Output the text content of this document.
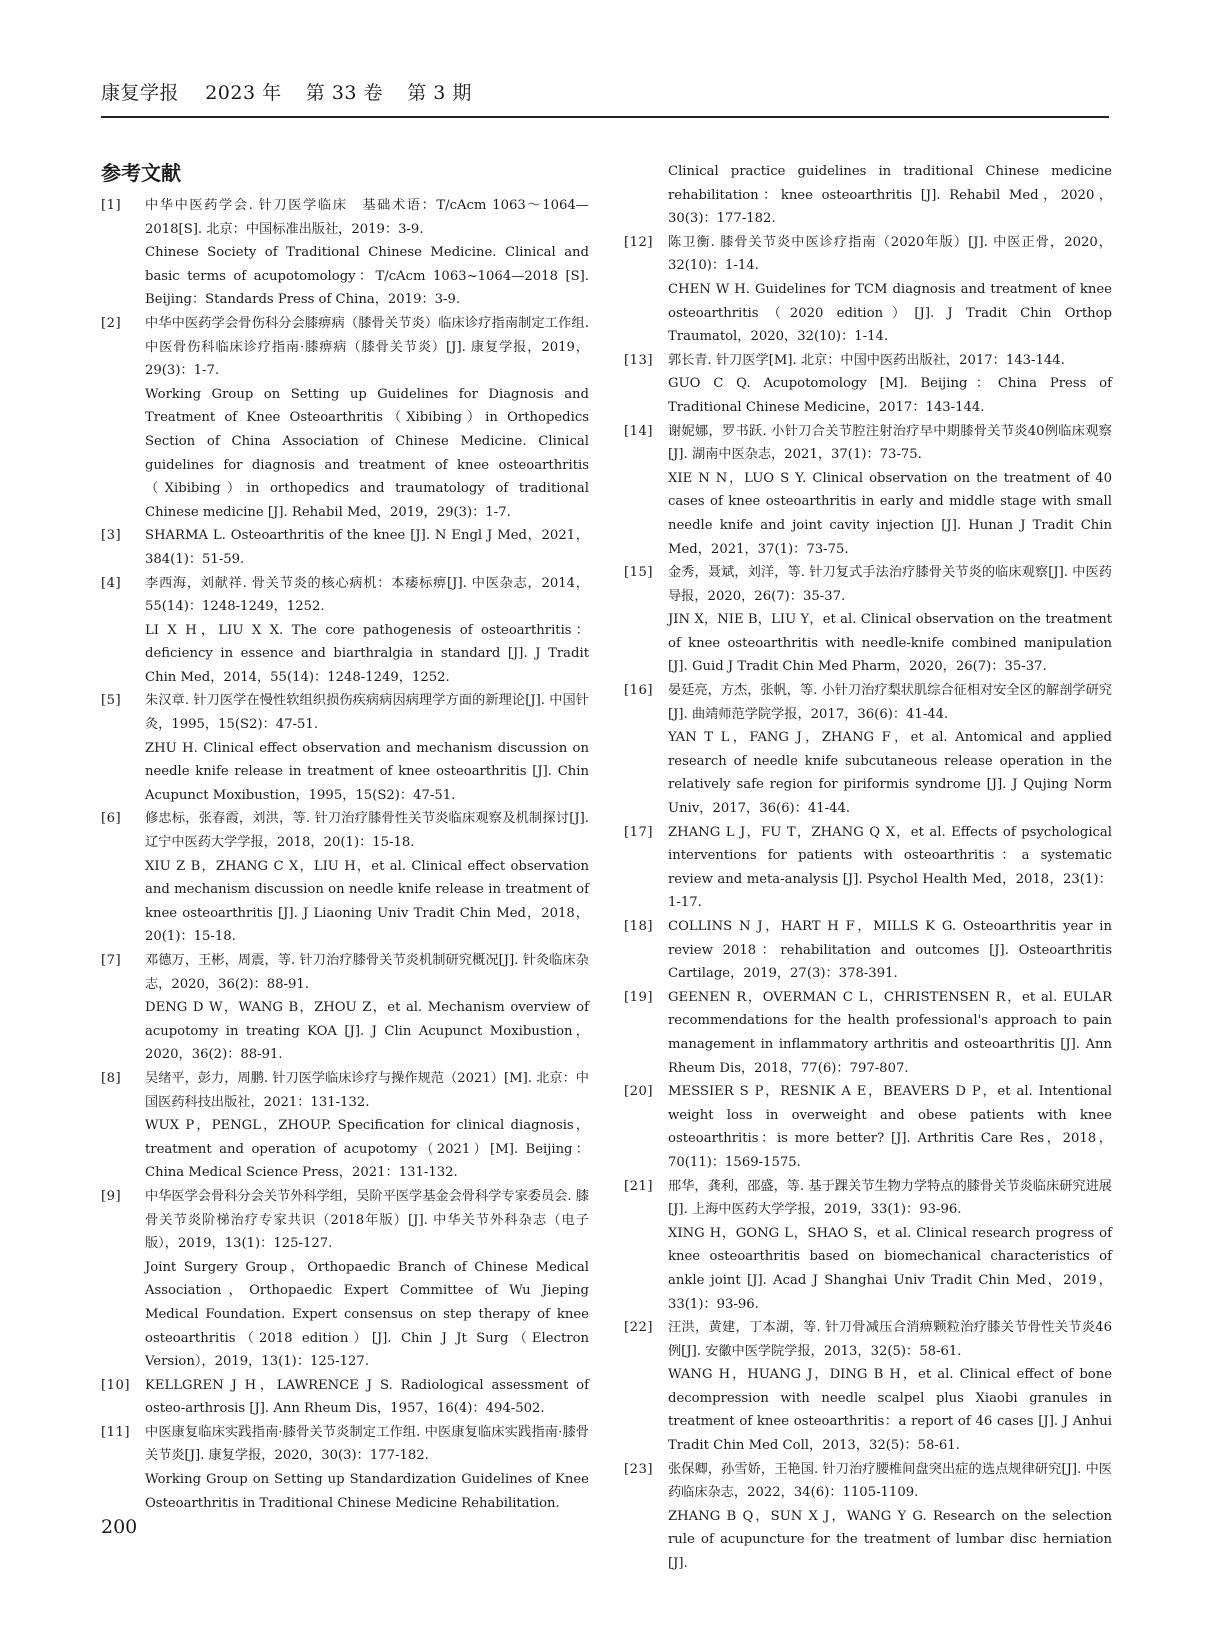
康复学报 2023 年 第 33 卷 第 3 期
参考文献
[1]	中华中医药学会. 针刀医学临床　基础术语：T/cAcm 1063～1064—2018[S]. 北京：中国标准出版社，2019：3-9.
Chinese Society of Traditional Chinese Medicine. Clinical and basic terms of acupotomology：T/cAcm 1063~1064—2018 [S]. Beijing：Standards Press of China，2019：3-9.
[2]	中华中医药学会骨伤科分会膝痹病（膝骨关节炎）临床诊疗指南制定工作组. 中医骨伤科临床诊疗指南·膝痹病（膝骨关节炎）[J]. 康复学报，2019，29(3)：1-7.
Working Group on Setting up Guidelines for Diagnosis and Treatment of Knee Osteoarthritis（Xibibing）in Orthopedics Section of China Association of Chinese Medicine. Clinical guidelines for diagnosis and treatment of knee osteoarthritis（Xibibing）in orthopedics and traumatology of traditional Chinese medicine [J]. Rehabil Med，2019，29(3)：1-7.
[3]	SHARMA L. Osteoarthritis of the knee [J]. N Engl J Med，2021，384(1)：51-59.
[4]	李西海，刘献祥. 骨关节炎的核心病机：本痿标痹[J]. 中医杂志，2014，55(14)：1248-1249，1252.
LI X H，LIU X X. The core pathogenesis of osteoarthritis：deficiency in essence and biarthralgia in standard [J]. J Tradit Chin Med，2014，55(14)：1248-1249，1252.
[5]	朱汉章. 针刀医学在慢性软组织损伤疾病病因病理学方面的新理论[J]. 中国针灸，1995，15(S2)：47-51.
ZHU H. Clinical effect observation and mechanism discussion on needle knife release in treatment of knee osteoarthritis [J]. Chin Acupunct Moxibustion，1995，15(S2)：47-51.
[6]	修忠标，张春霞，刘洪，等. 针刀治疗膝骨性关节炎临床观察及机制探讨[J]. 辽宁中医药大学学报，2018，20(1)：15-18.
XIU Z B，ZHANG C X，LIU H，et al. Clinical effect observation and mechanism discussion on needle knife release in treatment of knee osteoarthritis [J]. J Liaoning Univ Tradit Chin Med，2018，20(1)：15-18.
[7]	邓德万，王彬，周震，等. 针刀治疗膝骨关节炎机制研究概况[J]. 针灸临床杂志，2020，36(2)：88-91.
DENG D W，WANG B，ZHOU Z，et al. Mechanism overview of acupotomy in treating KOA [J]. J Clin Acupunct Moxibustion，2020，36(2)：88-91.
[8]	吴绪平，彭力，周鹏. 针刀医学临床诊疗与操作规范（2021）[M]. 北京：中国医药科技出版社，2021：131-132.
WUX P，PENGL，ZHOUP. Specification for clinical diagnosis，treatment and operation of acupotomy（2021）[M]. Beijing：China Medical Science Press，2021：131-132.
[9]	中华医学会骨科分会关节外科学组，吴阶平医学基金会骨科学专家委员会. 膝骨关节炎阶梯治疗专家共识（2018年版）[J]. 中华关节外科杂志（电子版），2019，13(1)：125-127.
Joint Surgery Group，Orthopaedic Branch of Chinese Medical Association，Orthopaedic Expert Committee of Wu Jieping Medical Foundation. Expert consensus on step therapy of knee osteoarthritis（2018 edition）[J]. Chin J Jt Surg（Electron Version），2019，13(1)：125-127.
[10]	KELLGREN J H，LAWRENCE J S. Radiological assessment of osteo-arthrosis [J]. Ann Rheum Dis，1957，16(4)：494-502.
[11]	中医康复临床实践指南·膝骨关节炎制定工作组. 中医康复临床实践指南·膝骨关节炎[J]. 康复学报，2020，30(3)：177-182.
Working Group on Setting up Standardization Guidelines of Knee Osteoarthritis in Traditional Chinese Medicine Rehabilitation.
Clinical practice guidelines in traditional Chinese medicine rehabilitation：knee osteoarthritis [J]. Rehabil Med，2020，30(3)：177-182.
[12]	陈卫衡. 膝骨关节炎中医诊疗指南（2020年版）[J]. 中医正骨，2020，32(10)：1-14.
CHEN W H. Guidelines for TCM diagnosis and treatment of knee osteoarthritis（2020 edition）[J]. J Tradit Chin Orthop Traumatol，2020，32(10)：1-14.
[13]	郭长青. 针刀医学[M]. 北京：中国中医药出版社，2017：143-144.
GUO C Q. Acupotomology [M]. Beijing：China Press of Traditional Chinese Medicine，2017：143-144.
[14]	谢妮娜，罗书跃. 小针刀合关节腔注射治疗早中期膝骨关节炎40例临床观察[J]. 湖南中医杂志，2021，37(1)：73-75.
XIE N N，LUO S Y. Clinical observation on the treatment of 40 cases of knee osteoarthritis in early and middle stage with small needle knife and joint cavity injection [J]. Hunan J Tradit Chin Med，2021，37(1)：73-75.
[15]	金秀，聂斌，刘洋，等. 针刀复式手法治疗膝骨关节炎的临床观察[J]. 中医药导报，2020，26(7)：35-37.
JIN X，NIE B，LIU Y，et al. Clinical observation on the treatment of knee osteoarthritis with needle-knife combined manipulation [J]. Guid J Tradit Chin Med Pharm，2020，26(7)：35-37.
[16]	晏廷亮，方杰，张帆，等. 小针刀治疗梨状肌综合征相对安全区的解剖学研究[J]. 曲靖师范学院学报，2017，36(6)：41-44.
YAN T L，FANG J，ZHANG F，et al. Antomical and applied research of needle knife subcutaneous release operation in the relatively safe region for piriformis syndrome [J]. J Qujing Norm Univ，2017，36(6)：41-44.
[17]	ZHANG L J，FU T，ZHANG Q X，et al. Effects of psychological interventions for patients with osteoarthritis：a systematic review and meta-analysis [J]. Psychol Health Med，2018，23(1)：1-17.
[18]	COLLINS N J，HART H F，MILLS K G. Osteoarthritis year in review 2018：rehabilitation and outcomes [J]. Osteoarthritis Cartilage，2019，27(3)：378-391.
[19]	GEENEN R，OVERMAN C L，CHRISTENSEN R，et al. EULAR recommendations for the health professional's approach to pain management in inflammatory arthritis and osteoarthritis [J]. Ann Rheum Dis，2018，77(6)：797-807.
[20]	MESSIER S P，RESNIK A E，BEAVERS D P，et al. Intentional weight loss in overweight and obese patients with knee osteoarthritis：is more better? [J]. Arthritis Care Res，2018，70(11)：1569-1575.
[21]	邢华，龚利，邵盛，等. 基于踝关节生物力学特点的膝骨关节炎临床研究进展[J]. 上海中医药大学学报，2019，33(1)：93-96.
XING H，GONG L，SHAO S，et al. Clinical research progress of knee osteoarthritis based on biomechanical characteristics of ankle joint [J]. Acad J Shanghai Univ Tradit Chin Med，2019，33(1)：93-96.
[22]	汪洪，黄建，丁本湖，等. 针刀骨减压合消痹颗粒治疗膝关节骨性关节炎46例[J]. 安徽中医学院学报，2013，32(5)：58-61.
WANG H，HUANG J，DING B H，et al. Clinical effect of bone decompression with needle scalpel plus Xiaobi granules in treatment of knee osteoarthritis：a report of 46 cases [J]. J Anhui Tradit Chin Med Coll，2013，32(5)：58-61.
[23]	张保卿，孙雪娇，王艳国. 针刀治疗腰椎间盘突出症的选点规律研究[J]. 中医药临床杂志，2022，34(6)：1105-1109.
ZHANG B Q，SUN X J，WANG Y G. Research on the selection rule of acupuncture for the treatment of lumbar disc herniation [J].
200
